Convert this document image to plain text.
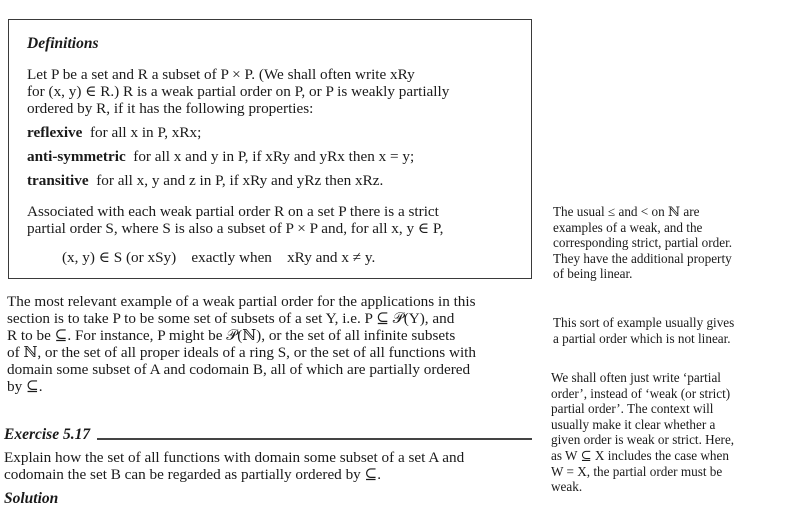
Definitions
Let P be a set and R a subset of P × P. (We shall often write xRy
for (x, y) ∈ R.) R is a weak partial order on P, or P is weakly partially
ordered by R, if it has the following properties:
reflexive for all x in P, xRx;
anti-symmetric for all x and y in P, if xRy and yRx then x = y;
transitive for all x, y and z in P, if xRy and yRz then xRz.
Associated with each weak partial order R on a set P there is a strict
partial order S, where S is also a subset of P × P and, for all x, y ∈ P,
(x, y) ∈ S (or xSy)    exactly when    xRy and x ≠ y.
The most relevant example of a weak partial order for the applications in this
section is to take P to be some set of subsets of a set Y, i.e. P ⊆ 𝒫(Y), and
R to be ⊆. For instance, P might be 𝒫(ℕ), or the set of all infinite subsets
of ℕ, or the set of all proper ideals of a ring S, or the set of all functions with
domain some subset of A and codomain B, all of which are partially ordered
by ⊆.
Exercise 5.17
Explain how the set of all functions with domain some subset of a set A and
codomain the set B can be regarded as partially ordered by ⊆.
Solution
The usual ≤ and < on ℕ are
examples of a weak, and the
corresponding strict, partial order.
They have the additional property
of being linear.
This sort of example usually gives
a partial order which is not linear.
We shall often just write ‘partial
order’, instead of ‘weak (or strict)
partial order’. The context will
usually make it clear whether a
given order is weak or strict. Here,
as W ⊆ X includes the case when
W = X, the partial order must be
weak.
